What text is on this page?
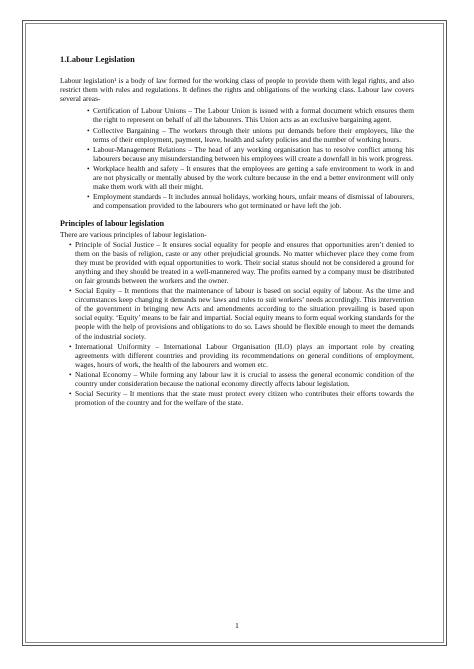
1.Labour Legislation

Labour legislation¹ is a body of law formed for the working class of people to provide them with legal rights, and also restrict them with rules and regulations. It defines the rights and obligations of the working class. Labour law covers several areas-

• Certification of Labour Unions – The Labour Union is issued with a formal document which ensures them the right to represent on behalf of all the labourers. This Union acts as an exclusive bargaining agent.
• Collective Bargaining – The workers through their unions put demands before their employers, like the terms of their employment, payment, leave, health and safety policies and the number of working hours.
• Labour-Management Relations – The head of any working organisation has to resolve conflict among his labourers because any misunderstanding between his employees will create a downfall in his work progress.
• Workplace health and safety – It ensures that the employees are getting a safe environment to work in and are not physically or mentally abused by the work culture because in the end a better environment will only make them work with all their might.
• Employment standards – It includes annual holidays, working hours, unfair means of dismissal of labourers, and compensation provided to the labourers who got terminated or have left the job.
Principles of labour legislation
There are various principles of labour legislation-
• Principle of Social Justice – It ensures social equality for people and ensures that opportunities aren’t denied to them on the basis of religion, caste or any other prejudicial grounds. No matter whichever place they come from they must be provided with equal opportunities to work. Their social status should not be considered a ground for anything and they should be treated in a well-mannered way. The profits earned by a company must be distributed on fair grounds between the workers and the owner.
• Social Equity – It mentions that the maintenance of labour is based on social equity of labour. As the time and circumstances keep changing it demands new laws and rules to suit workers’ needs accordingly. This intervention of the government in bringing new Acts and amendments according to the situation prevailing is based upon social equity. ‘Equity’ means to be fair and impartial. Social equity means to form equal working standards for the people with the help of provisions and obligations to do so. Laws should be flexible enough to meet the demands of the industrial society.
• International Uniformity – International Labour Organisation (ILO) plays an important role by creating agreements with different countries and providing its recommendations on general conditions of employment, wages, hours of work, the health of the labourers and women etc.
• National Economy – While forming any labour law it is crucial to assess the general economic condition of the country under consideration because the national economy directly affects labour legislation.
• Social Security – It mentions that the state must protect every citizen who contributes their efforts towards the promotion of the country and for the welfare of the state.
1
